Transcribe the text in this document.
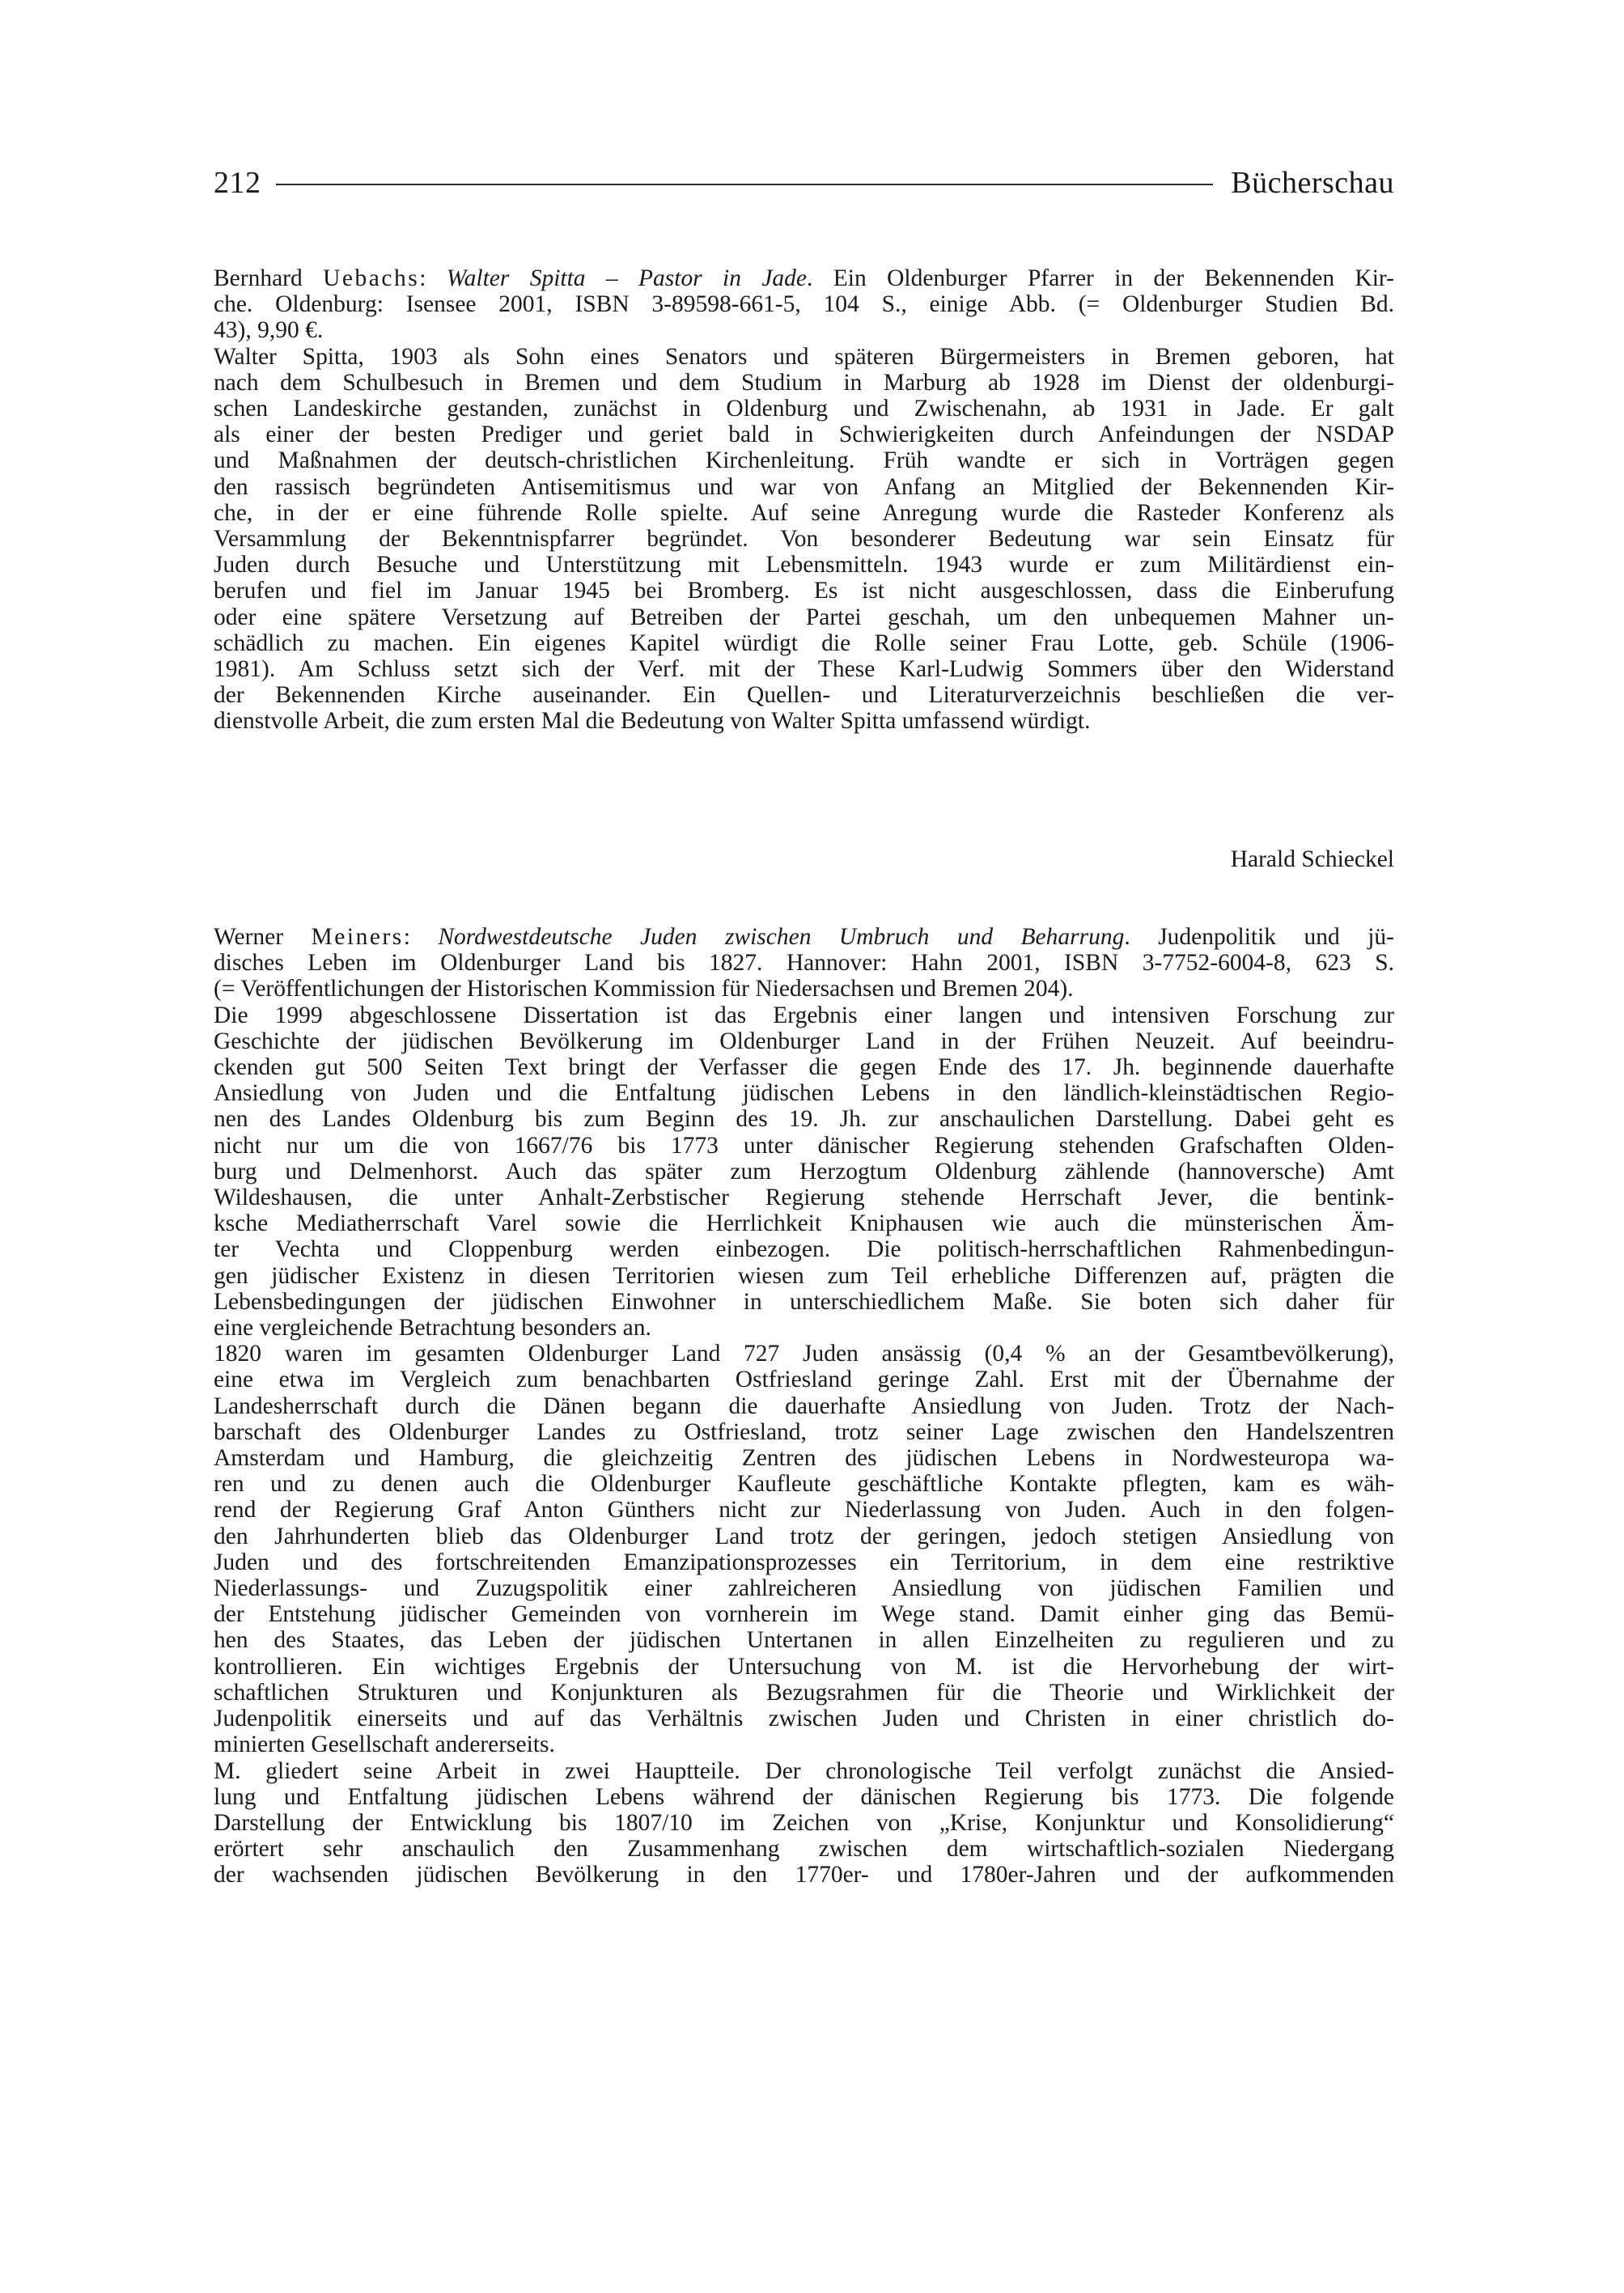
212	Bücherschau
Bernhard Uebachs: Walter Spitta – Pastor in Jade. Ein Oldenburger Pfarrer in der Bekennenden Kir-
che. Oldenburg: Isensee 2001, ISBN 3-89598-661-5, 104 S., einige Abb. (= Oldenburger Studien Bd.
43), 9,90 €.
Walter Spitta, 1903 als Sohn eines Senators und späteren Bürgermeisters in Bremen geboren, hat
nach dem Schulbesuch in Bremen und dem Studium in Marburg ab 1928 im Dienst der oldenburgi-
schen Landeskirche gestanden, zunächst in Oldenburg und Zwischenahn, ab 1931 in Jade. Er galt
als einer der besten Prediger und geriet bald in Schwierigkeiten durch Anfeindungen der NSDAP
und Maßnahmen der deutsch-christlichen Kirchenleitung. Früh wandte er sich in Vorträgen gegen
den rassisch begründeten Antisemitismus und war von Anfang an Mitglied der Bekennenden Kir-
che, in der er eine führende Rolle spielte. Auf seine Anregung wurde die Rasteder Konferenz als
Versammlung der Bekenntnispfarrer begründet. Von besonderer Bedeutung war sein Einsatz für
Juden durch Besuche und Unterstützung mit Lebensmitteln. 1943 wurde er zum Militärdienst ein-
berufen und fiel im Januar 1945 bei Bromberg. Es ist nicht ausgeschlossen, dass die Einberufung
oder eine spätere Versetzung auf Betreiben der Partei geschah, um den unbequemen Mahner un-
schädlich zu machen. Ein eigenes Kapitel würdigt die Rolle seiner Frau Lotte, geb. Schüle (1906-
1981). Am Schluss setzt sich der Verf. mit der These Karl-Ludwig Sommers über den Widerstand
der Bekennenden Kirche auseinander. Ein Quellen- und Literaturverzeichnis beschließen die ver-
dienstvolle Arbeit, die zum ersten Mal die Bedeutung von Walter Spitta umfassend würdigt.
Harald Schieckel
Werner Meiners: Nordwestdeutsche Juden zwischen Umbruch und Beharrung. Judenpolitik und jü-
disches Leben im Oldenburger Land bis 1827. Hannover: Hahn 2001, ISBN 3-7752-6004-8, 623 S.
(= Veröffentlichungen der Historischen Kommission für Niedersachsen und Bremen 204).
Die 1999 abgeschlossene Dissertation ist das Ergebnis einer langen und intensiven Forschung zur
Geschichte der jüdischen Bevölkerung im Oldenburger Land in der Frühen Neuzeit. Auf beeindru-
ckenden gut 500 Seiten Text bringt der Verfasser die gegen Ende des 17. Jh. beginnende dauerhafte
Ansiedlung von Juden und die Entfaltung jüdischen Lebens in den ländlich-kleinstädtischen Regio-
nen des Landes Oldenburg bis zum Beginn des 19. Jh. zur anschaulichen Darstellung. Dabei geht es
nicht nur um die von 1667/76 bis 1773 unter dänischer Regierung stehenden Grafschaften Olden-
burg und Delmenhorst. Auch das später zum Herzogtum Oldenburg zählende (hannoversche) Amt
Wildeshausen, die unter Anhalt-Zerbstischer Regierung stehende Herrschaft Jever, die bentink-
ksche Mediatherrschaft Varel sowie die Herrlichkeit Kniphausen wie auch die münsterischen Äm-
ter Vechta und Cloppenburg werden einbezogen. Die politisch-herrschaftlichen Rahmenbedingun-
gen jüdischer Existenz in diesen Territorien wiesen zum Teil erhebliche Differenzen auf, prägten die
Lebensbedingungen der jüdischen Einwohner in unterschiedlichem Maße. Sie boten sich daher für
eine vergleichende Betrachtung besonders an.
1820 waren im gesamten Oldenburger Land 727 Juden ansässig (0,4 % an der Gesamtbevölkerung),
eine etwa im Vergleich zum benachbarten Ostfriesland geringe Zahl. Erst mit der Übernahme der
Landesherrschaft durch die Dänen begann die dauerhafte Ansiedlung von Juden. Trotz der Nach-
barschaft des Oldenburger Landes zu Ostfriesland, trotz seiner Lage zwischen den Handelszentren
Amsterdam und Hamburg, die gleichzeitig Zentren des jüdischen Lebens in Nordwesteuropa wa-
ren und zu denen auch die Oldenburger Kaufleute geschäftliche Kontakte pflegten, kam es wäh-
rend der Regierung Graf Anton Günthers nicht zur Niederlassung von Juden. Auch in den folgen-
den Jahrhunderten blieb das Oldenburger Land trotz der geringen, jedoch stetigen Ansiedlung von
Juden und des fortschreitenden Emanzipationsprozesses ein Territorium, in dem eine restriktive
Niederlassungs- und Zuzugspolitik einer zahlreicheren Ansiedlung von jüdischen Familien und
der Entstehung jüdischer Gemeinden von vornherein im Wege stand. Damit einher ging das Bemü-
hen des Staates, das Leben der jüdischen Untertanen in allen Einzelheiten zu regulieren und zu
kontrollieren. Ein wichtiges Ergebnis der Untersuchung von M. ist die Hervorhebung der wirt-
schaftlichen Strukturen und Konjunkturen als Bezugsrahmen für die Theorie und Wirklichkeit der
Judenpolitik einerseits und auf das Verhältnis zwischen Juden und Christen in einer christlich do-
minierten Gesellschaft andererseits.
M. gliedert seine Arbeit in zwei Hauptteile. Der chronologische Teil verfolgt zunächst die Ansied-
lung und Entfaltung jüdischen Lebens während der dänischen Regierung bis 1773. Die folgende
Darstellung der Entwicklung bis 1807/10 im Zeichen von „Krise, Konjunktur und Konsolidierung“
erörtert sehr anschaulich den Zusammenhang zwischen dem wirtschaftlich-sozialen Niedergang
der wachsenden jüdischen Bevölkerung in den 1770er- und 1780er-Jahren und der aufkommenden
